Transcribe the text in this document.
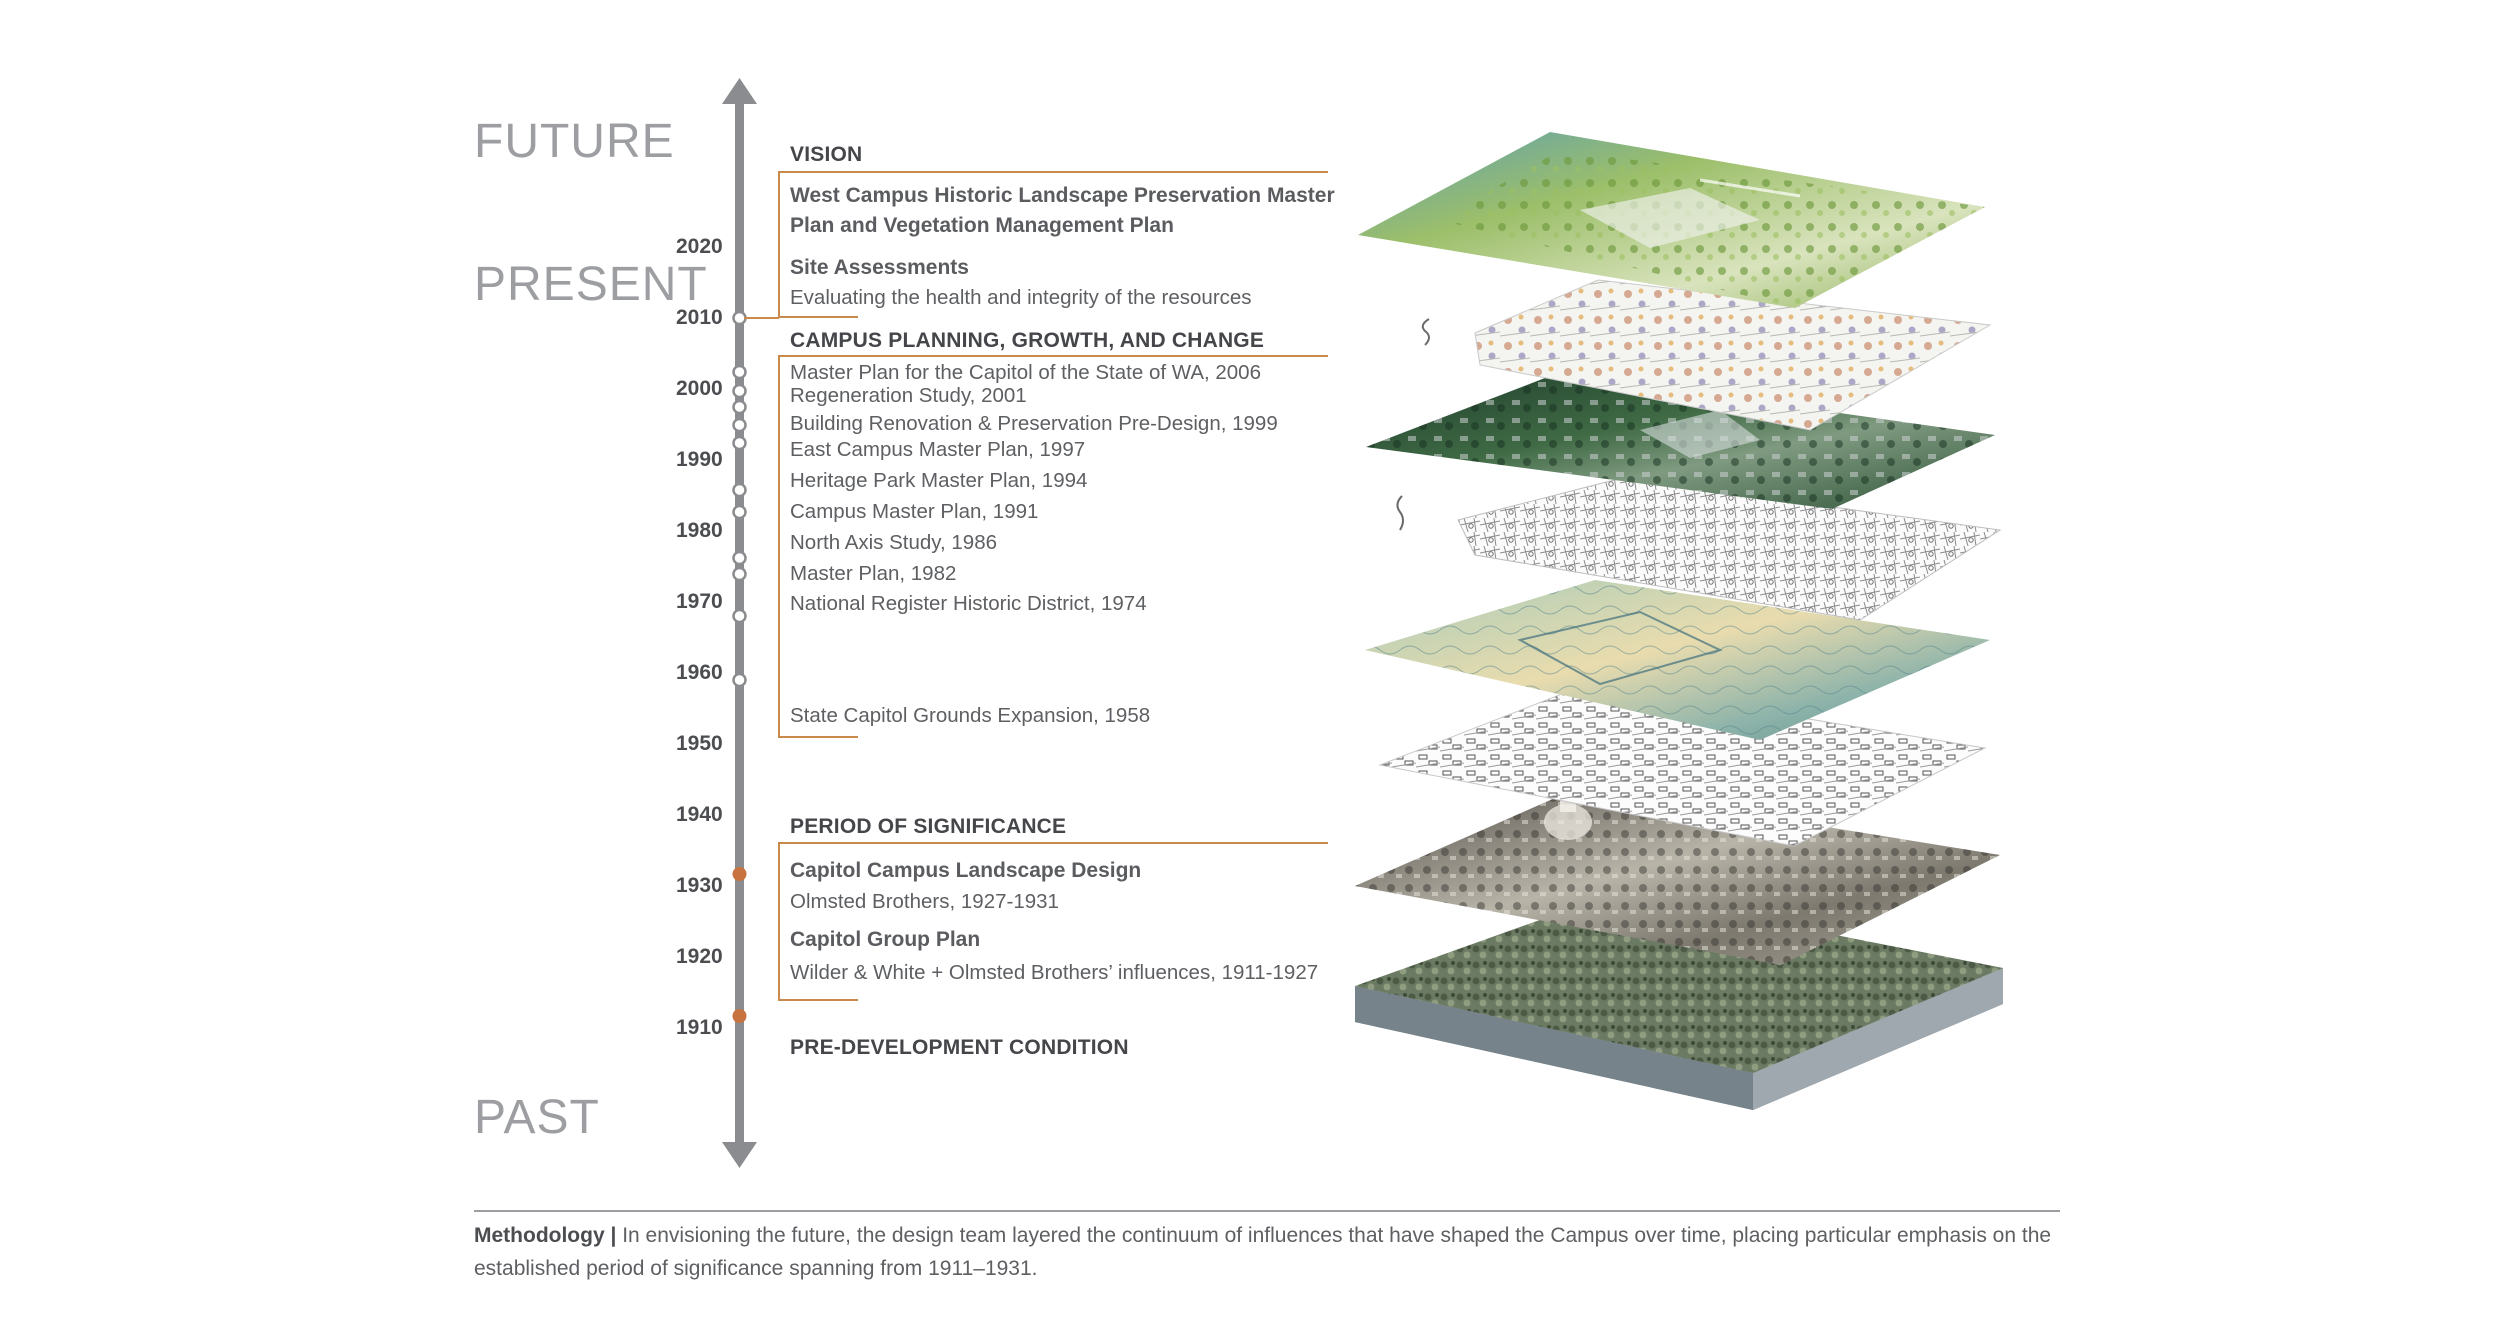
FUTURE
PRESENT
PAST
2020
2010
2000
1990
1980
1970
1960
1950
1940
1930
1920
1910
VISION
West Campus Historic Landscape Preservation Master
Plan and Vegetation Management Plan
Site Assessments
Evaluating the health and integrity of the resources
CAMPUS PLANNING, GROWTH, AND CHANGE
Master Plan for the Capitol of the State of WA, 2006
Regeneration Study, 2001
Building Renovation & Preservation Pre-Design, 1999
East Campus Master Plan, 1997
Heritage Park Master Plan, 1994
Campus Master Plan, 1991
North Axis Study, 1986
Master Plan, 1982
National Register Historic District, 1974
State Capitol Grounds Expansion, 1958
PERIOD OF SIGNIFICANCE
Capitol Campus Landscape Design
Olmsted Brothers, 1927-1931
Capitol Group Plan
Wilder & White + Olmsted Brothers’ influences, 1911-1927
PRE-DEVELOPMENT CONDITION
Methodology | In envisioning the future, the design team layered the continuum of influences that have shaped the Campus over time, placing particular emphasis on the established period of significance spanning from 1911–1931.
